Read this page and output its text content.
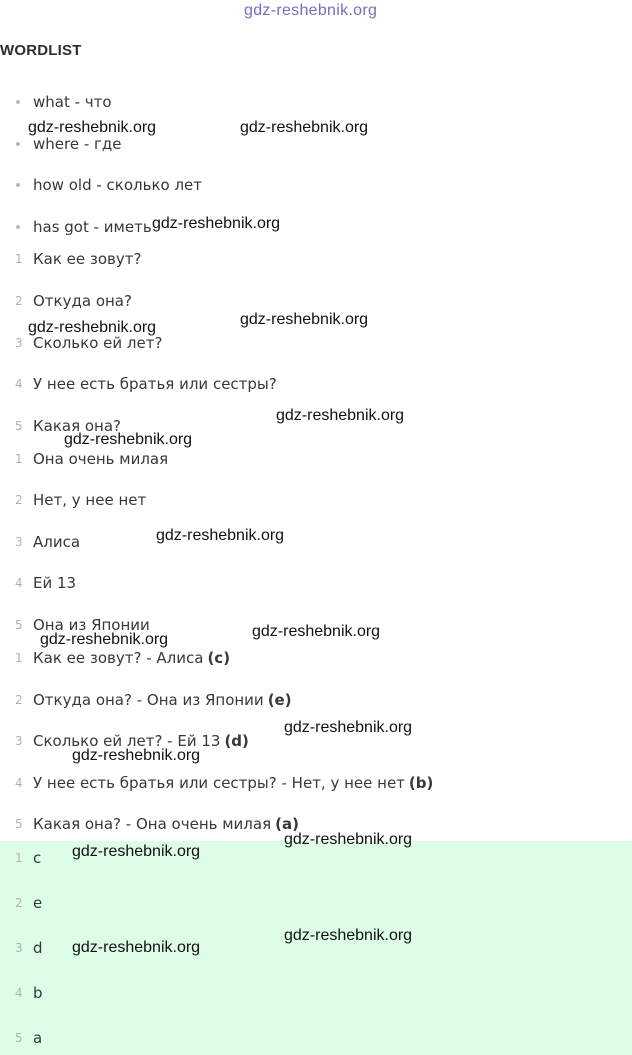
gdz-reshebnik.org
WORDLIST
what - что
where - где
how old - сколько лет
has got - иметь
1 Как ее зовут?
2 Откуда она?
3 Сколько ей лет?
4 У нее есть братья или сестры?
5 Какая она?
1 Она очень милая
2 Нет, у нее нет
3 Алиса
4 Ей 13
5 Она из Японии
1 Как ее зовут? - Алиса (c)
2 Откуда она? - Она из Японии (e)
3 Сколько ей лет? - Ей 13 (d)
4 У нее есть братья или сестры? - Нет, у нее нет (b)
5 Какая она? - Она очень милая (a)
1 c
2 e
3 d
4 b
5 a
gdz-reshebnik.org	gdz-reshebnik.org
gdz-reshebnik.org
gdz-reshebnik.org
gdz-reshebnik.org
gdz-reshebnik.org
gdz-reshebnik.org
gdz-reshebnik.org
gdz-reshebnik.org
gdz-reshebnik.org
gdz-reshebnik.org
gdz-reshebnik.org
gdz-reshebnik.org
gdz-reshebnik.org
gdz-reshebnik.org
gdz-reshebnik.org
